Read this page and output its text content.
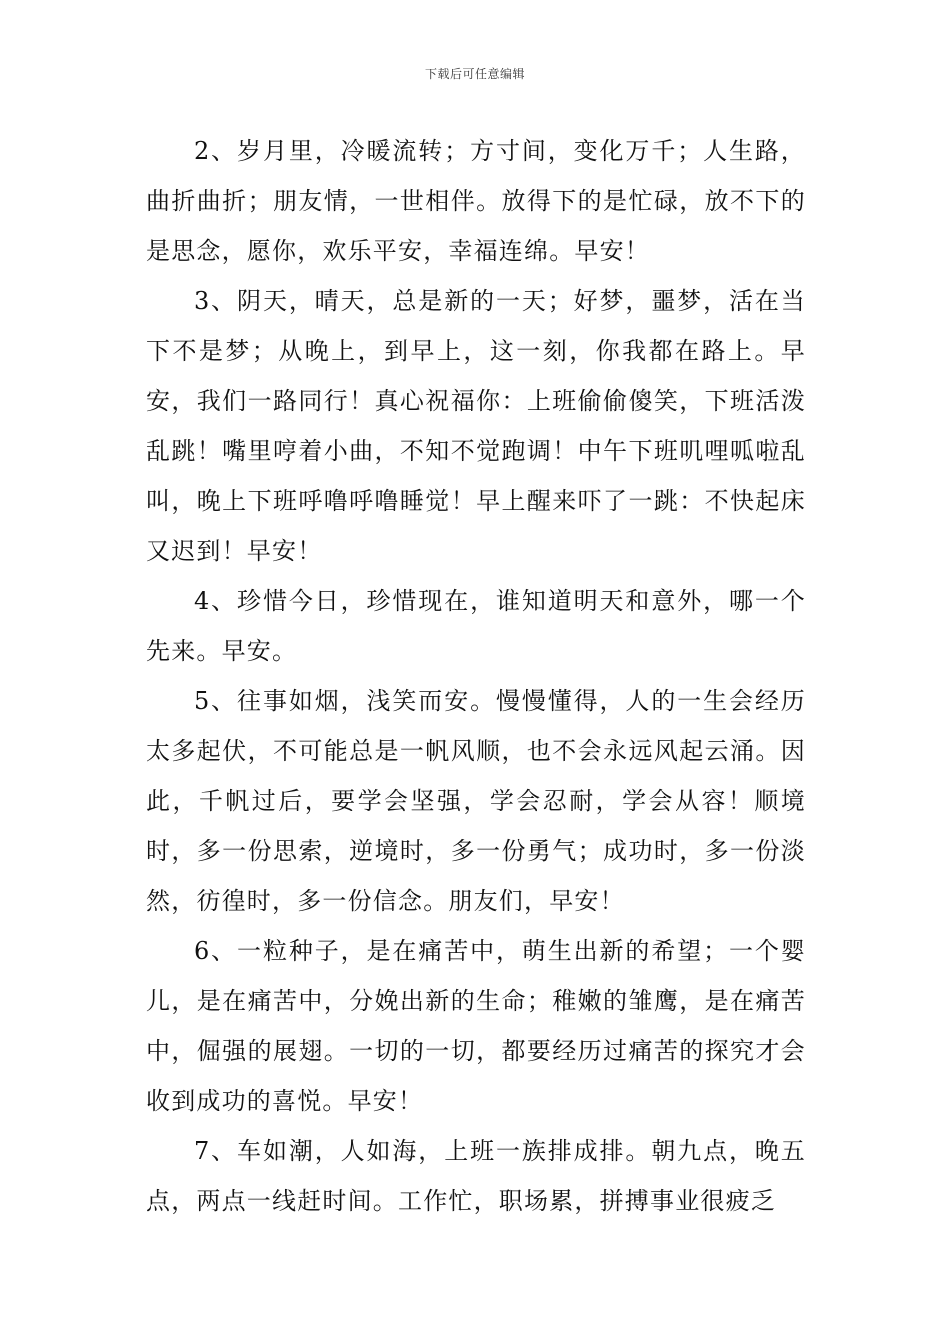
下载后可任意编辑

2、岁月里，冷暖流转；方寸间，变化万千；人生路，曲折曲折；朋友情，一世相伴。放得下的是忙碌，放不下的是思念，愿你，欢乐平安，幸福连绵。早安！

3、阴天，晴天，总是新的一天；好梦，噩梦，活在当下不是梦；从晚上，到早上，这一刻，你我都在路上。早安，我们一路同行！真心祝福你：上班偷偷傻笑，下班活泼乱跳！嘴里哼着小曲，不知不觉跑调！中午下班叽哩呱啦乱叫，晚上下班呼噜呼噜睡觉！早上醒来吓了一跳：不快起床又迟到！早安！

4、珍惜今日，珍惜现在，谁知道明天和意外，哪一个先来。早安。

5、往事如烟，浅笑而安。慢慢懂得，人的一生会经历太多起伏，不可能总是一帆风顺，也不会永远风起云涌。因此，千帆过后，要学会坚强，学会忍耐，学会从容！顺境时，多一份思索，逆境时，多一份勇气；成功时，多一份淡然，彷徨时，多一份信念。朋友们，早安！

6、一粒种子，是在痛苦中，萌生出新的希望；一个婴儿，是在痛苦中，分娩出新的生命；稚嫩的雏鹰，是在痛苦中，倔强的展翅。一切的一切，都要经历过痛苦的探究才会收到成功的喜悦。早安！

7、车如潮，人如海，上班一族排成排。朝九点，晚五点，两点一线赶时间。工作忙，职场累，拼搏事业很疲乏
